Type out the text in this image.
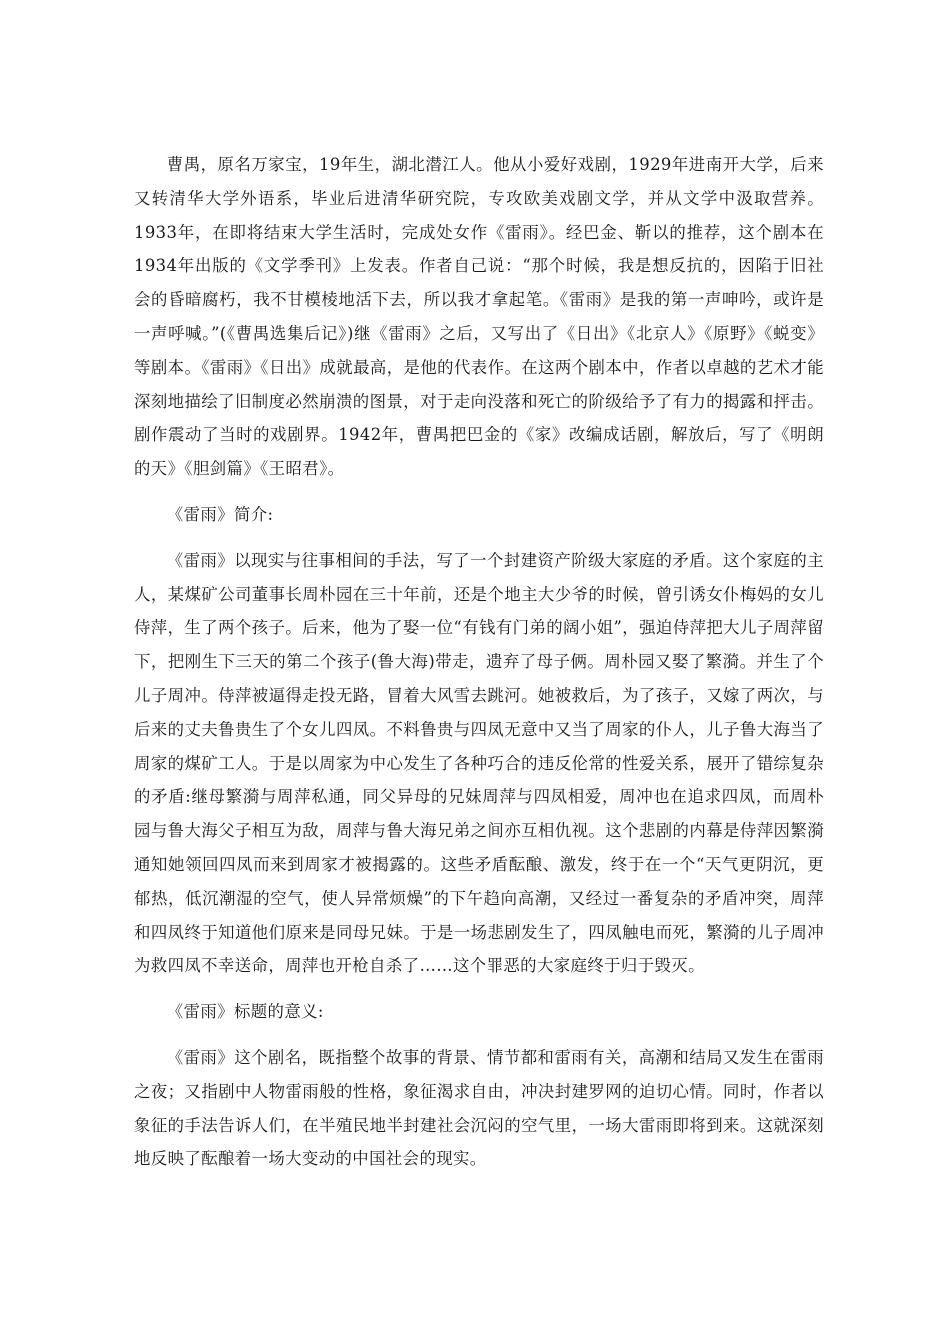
曹禺，原名万家宝，19年生，湖北潜江人。他从小爱好戏剧，1929年进南开大学，后来又转清华大学外语系，毕业后进清华研究院，专攻欧美戏剧文学，并从文学中汲取营养。1933年，在即将结束大学生活时，完成处女作《雷雨》。经巴金、靳以的推荐，这个剧本在1934年出版的《文学季刊》上发表。作者自己说：“那个时候，我是想反抗的，因陷于旧社会的昏暗腐朽，我不甘模棱地活下去，所以我才拿起笔。《雷雨》是我的第一声呻吟，或许是一声呼喊。”(《曹禺选集后记》)继《雷雨》之后，又写出了《日出》《北京人》《原野》《蜕变》等剧本。《雷雨》《日出》成就最高，是他的代表作。在这两个剧本中，作者以卓越的艺术才能深刻地描绘了旧制度必然崩溃的图景，对于走向没落和死亡的阶级给予了有力的揭露和抨击。剧作震动了当时的戏剧界。1942年，曹禺把巴金的《家》改编成话剧，解放后，写了《明朗的天》《胆剑篇》《王昭君》。

《雷雨》简介:

《雷雨》以现实与往事相间的手法，写了一个封建资产阶级大家庭的矛盾。这个家庭的主人，某煤矿公司董事长周朴园在三十年前，还是个地主大少爷的时候，曾引诱女仆梅妈的女儿侍萍，生了两个孩子。后来，他为了娶一位“有钱有门弟的阔小姐”，强迫侍萍把大儿子周萍留下，把刚生下三天的第二个孩子(鲁大海)带走，遗弃了母子俩。周朴园又娶了繁漪。并生了个儿子周冲。侍萍被逼得走投无路，冒着大风雪去跳河。她被救后，为了孩子，又嫁了两次，与后来的丈夫鲁贵生了个女儿四凤。不料鲁贵与四凤无意中又当了周家的仆人，儿子鲁大海当了周家的煤矿工人。于是以周家为中心发生了各种巧合的违反伦常的性爱关系，展开了错综复杂的矛盾:继母繁漪与周萍私通，同父异母的兄妹周萍与四凤相爱，周冲也在追求四凤，而周朴园与鲁大海父子相互为敌，周萍与鲁大海兄弟之间亦互相仇视。这个悲剧的内幕是侍萍因繁漪通知她领回四凤而来到周家才被揭露的。这些矛盾酝酿、激发，终于在一个“天气更阴沉，更郁热，低沉潮湿的空气，使人异常烦燥”的下午趋向高潮，又经过一番复杂的矛盾冲突，周萍和四凤终于知道他们原来是同母兄妹。于是一场悲剧发生了，四凤触电而死，繁漪的儿子周冲为救四凤不幸送命，周萍也开枪自杀了……这个罪恶的大家庭终于归于毁灭。

《雷雨》标题的意义:

《雷雨》这个剧名，既指整个故事的背景、情节都和雷雨有关，高潮和结局又发生在雷雨之夜；又指剧中人物雷雨般的性格，象征渴求自由，冲决封建罗网的迫切心情。同时，作者以象征的手法告诉人们，在半殖民地半封建社会沉闷的空气里，一场大雷雨即将到来。这就深刻地反映了酝酿着一场大变动的中国社会的现实。
